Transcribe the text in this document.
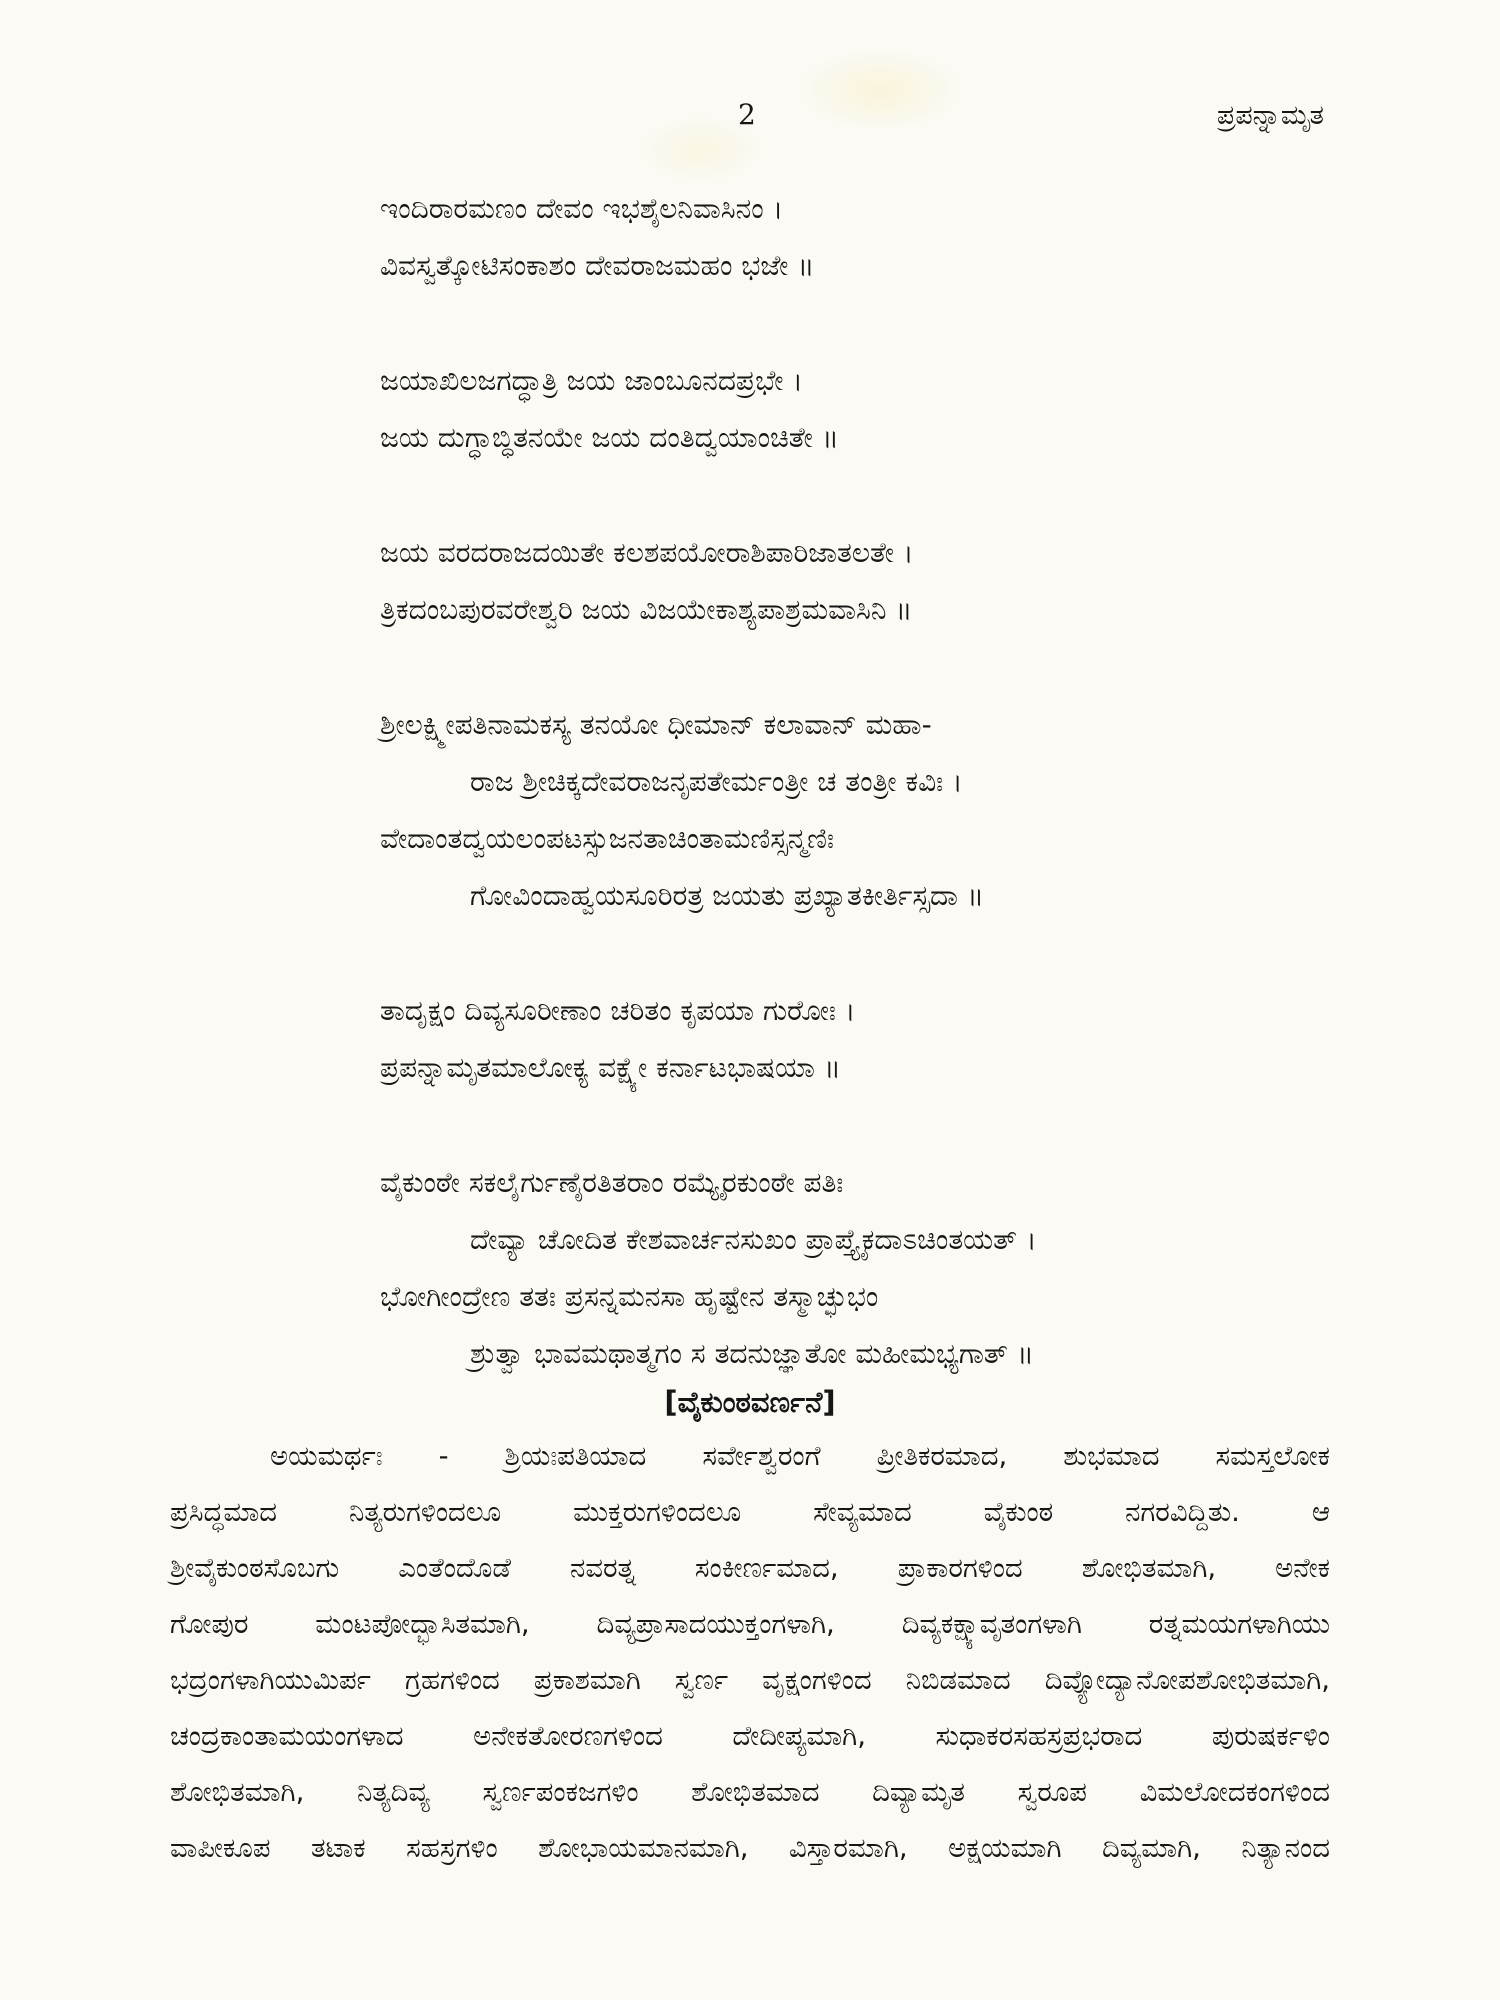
2	ಪ್ರಪನ್ನಾಮೃತ
ಇಂದಿರಾರಮಣಂ ದೇವಂ ಇಭಶೈಲನಿವಾಸಿನಂ ।
ವಿವಸ್ವತ್ಕೋಟಿಸಂಕಾಶಂ ದೇವರಾಜಮಹಂ ಭಜೇ ॥
ಜಯಾಖಿಲಜಗದ್ಧಾತ್ರಿ ಜಯ ಜಾಂಬೂನದಪ್ರಭೇ ।
ಜಯ ದುಗ್ಧಾಬ್ಧಿತನಯೇ ಜಯ ದಂತಿದ್ವಯಾಂಚಿತೇ ॥
ಜಯ ವರದರಾಜದಯಿತೇ ಕಲಶಪಯೋರಾಶಿಪಾರಿಜಾತಲತೇ ।
ತ್ರಿಕದಂಬಪುರವರೇಶ್ವರಿ ಜಯ ವಿಜಯೇಕಾಶ್ಯಪಾಶ್ರಮವಾಸಿನಿ ॥
ಶ್ರೀಲಕ್ಷ್ಮೀಪತಿನಾಮಕಸ್ಯ ತನಯೋ ಧೀಮಾನ್ ಕಲಾವಾನ್ ಮಹಾ-
ರಾಜ ಶ್ರೀಚಿಕ್ಕದೇವರಾಜನೃಪತೇರ್ಮಂತ್ರೀ ಚ ತಂತ್ರೀ ಕವಿಃ ।
ವೇದಾಂತದ್ವಯಲಂಪಟಸ್ಸುಜನತಾಚಿಂತಾಮಣಿಸ್ಸನ್ಮಣಿಃ
ಗೋವಿಂದಾಹ್ವಯಸೂರಿರತ್ರ ಜಯತು ಪ್ರಖ್ಯಾತಕೀರ್ತಿಸ್ಸದಾ ॥
ತಾದೃಕ್ಷಂ ದಿವ್ಯಸೂರೀಣಾಂ ಚರಿತಂ ಕೃಪಯಾ ಗುರೋಃ ।
ಪ್ರಪನ್ನಾಮೃತಮಾಲೋಕ್ಯ ವಕ್ಷ್ಯೇ ಕರ್ನಾಟಭಾಷಯಾ ॥
ವೈಕುಂಠೇ ಸಕಲೈರ್ಗುಣೈರತಿತರಾಂ ರಮ್ಯೈರಕುಂಠೇ ಪತಿಃ
ದೇವ್ಯಾ ಚೋದಿತ ಕೇಶವಾರ್ಚನಸುಖಂ ಪ್ರಾಪ್ತ್ಯೈಕದಾಽಚಿಂತಯತ್ ।
ಭೋಗೀಂದ್ರೇಣ ತತಃ ಪ್ರಸನ್ನಮನಸಾ ಹೃಷ್ಟೇನ ತಸ್ಮಾಚ್ಛುಭಂ
ಶ್ರುತ್ವಾ ಭಾವಮಥಾತ್ಮಗಂ ಸ ತದನುಜ್ಞಾತೋ ಮಹೀಮಭ್ಯಗಾತ್ ॥
[ವೈಕುಂಠವರ್ಣನೆ]
ಅಯಮರ್ಥಃ - ಶ್ರಿಯಃಪತಿಯಾದ ಸರ್ವೇಶ್ವರಂಗೆ ಪ್ರೀತಿಕರಮಾದ, ಶುಭಮಾದ ಸಮಸ್ತಲೋಕ
ಪ್ರಸಿದ್ಧಮಾದ ನಿತ್ಯರುಗಳಿಂದಲೂ ಮುಕ್ತರುಗಳಿಂದಲೂ ಸೇವ್ಯಮಾದ ವೈಕುಂಠ ನಗರವಿದ್ದಿತು. ಆ
ಶ್ರೀವೈಕುಂಠಸೊಬಗು ಎಂತೆಂದೊಡೆ ನವರತ್ನ ಸಂಕೀರ್ಣಮಾದ, ಪ್ರಾಕಾರಗಳಿಂದ ಶೋಭಿತಮಾಗಿ, ಅನೇಕ
ಗೋಪುರ ಮಂಟಪೋದ್ಭಾಸಿತಮಾಗಿ, ದಿವ್ಯಪ್ರಾಸಾದಯುಕ್ತಂಗಳಾಗಿ, ದಿವ್ಯಕಕ್ಷ್ಯಾವೃತಂಗಳಾಗಿ ರತ್ನಮಯಗಳಾಗಿಯು
ಭದ್ರಂಗಳಾಗಿಯುಮಿರ್ಪ ಗ್ರಹಗಳಿಂದ ಪ್ರಕಾಶಮಾಗಿ ಸ್ವರ್ಣ ವೃಕ್ಷಂಗಳಿಂದ ನಿಬಿಡಮಾದ ದಿವ್ಯೋದ್ಯಾನೋಪಶೋಭಿತಮಾಗಿ,
ಚಂದ್ರಕಾಂತಾಮಯಂಗಳಾದ ಅನೇಕತೋರಣಗಳಿಂದ ದೇದೀಪ್ಯಮಾಗಿ, ಸುಧಾಕರಸಹಸ್ರಪ್ರಭರಾದ ಪುರುಷರ್ಕಳಿಂ
ಶೋಭಿತಮಾಗಿ, ನಿತ್ಯದಿವ್ಯ ಸ್ವರ್ಣಪಂಕಜಗಳಿಂ ಶೋಭಿತಮಾದ ದಿವ್ಯಾಮೃತ ಸ್ವರೂಪ ವಿಮಲೋದಕಂಗಳಿಂದ
ವಾಪೀಕೂಪ ತಟಾಕ ಸಹಸ್ರಗಳಿಂ ಶೋಭಾಯಮಾನಮಾಗಿ, ವಿಸ್ತಾರಮಾಗಿ, ಅಕ್ಷಯಮಾಗಿ ದಿವ್ಯಮಾಗಿ, ನಿತ್ಯಾನಂದ
